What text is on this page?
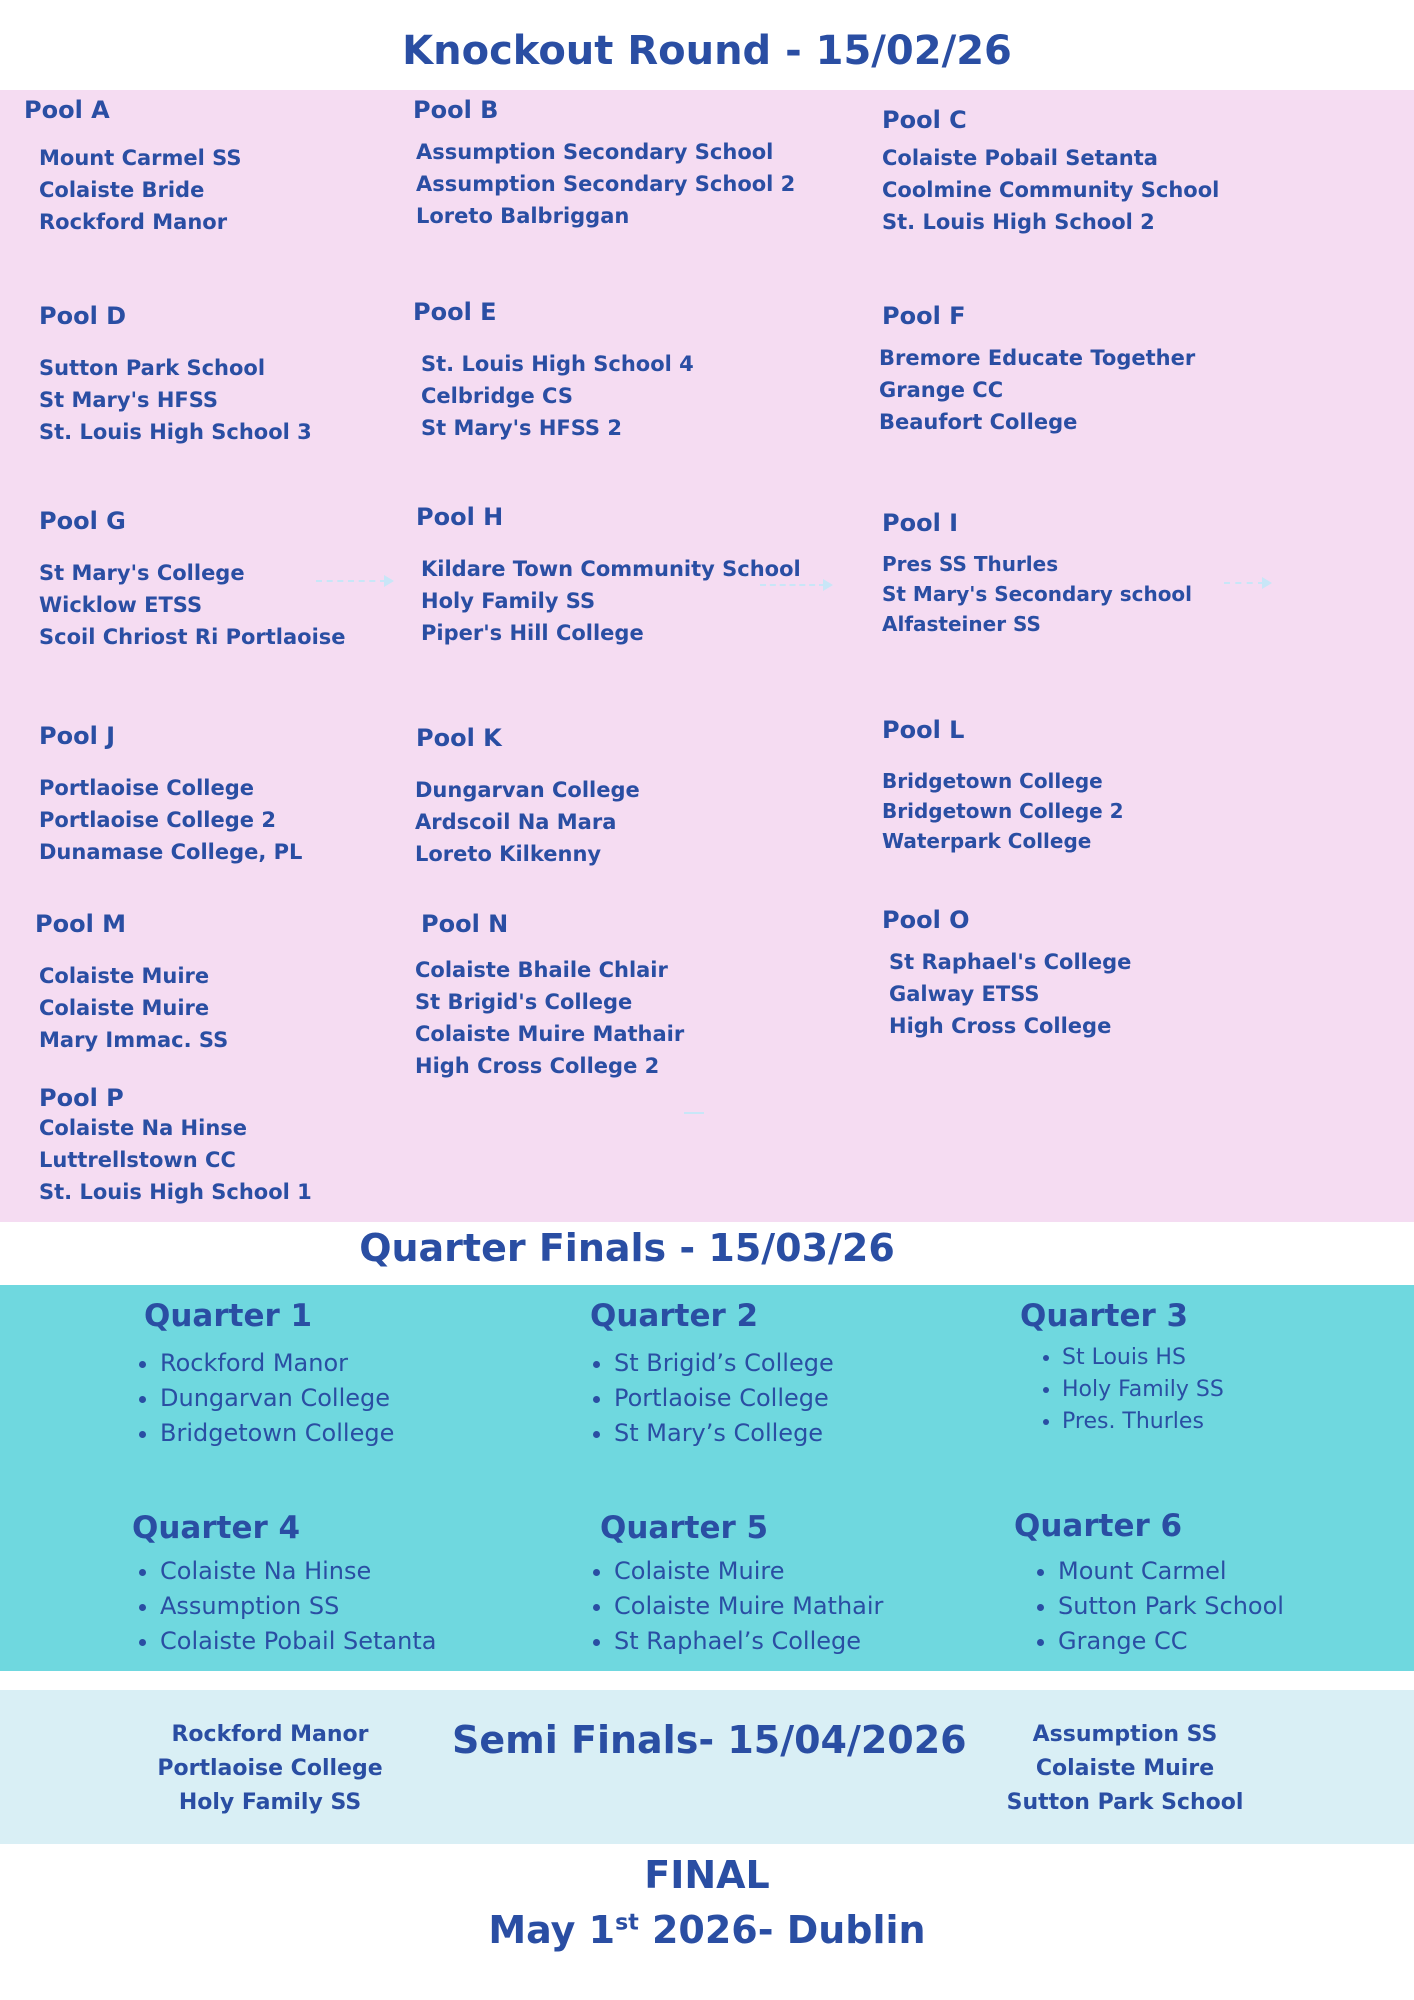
Knockout Round - 15/02/26
Pool A
Mount Carmel SS
Colaiste Bride
Rockford Manor
Pool B
Assumption Secondary School
Assumption Secondary School 2
Loreto Balbriggan
Pool C
Colaiste Pobail Setanta
Coolmine Community School
St. Louis High School 2
Pool D
Sutton Park School
St Mary's HFSS
St. Louis High School 3
Pool E
St. Louis High School 4
Celbridge CS
St Mary's HFSS 2
Pool F
Bremore Educate Together
Grange CC
Beaufort College
Pool G
St Mary's College
Wicklow ETSS
Scoil Chriost Ri Portlaoise
Pool H
Kildare Town Community School
Holy Family SS
Piper's Hill College
Pool I
Pres SS Thurles
St Mary's Secondary school
Alfasteiner SS
Pool J
Portlaoise College
Portlaoise College 2
Dunamase College, PL
Pool K
Dungarvan College
Ardscoil Na Mara
Loreto Kilkenny
Pool L
Bridgetown College
Bridgetown College 2
Waterpark College
Pool M
Colaiste Muire
Colaiste Muire
Mary Immac. SS
Pool N
Colaiste Bhaile Chlair
St Brigid's College
Colaiste Muire Mathair
High Cross College 2
Pool O
St Raphael's College
Galway ETSS
High Cross College
Pool P
Colaiste Na Hinse
Luttrellstown CC
St. Louis High School 1
Quarter Finals - 15/03/26
Quarter 1
• Rockford Manor
• Dungarvan College
• Bridgetown College
Quarter 2
• St Brigid’s College
• Portlaoise College
• St Mary’s College
Quarter 3
• St Louis HS
• Holy Family SS
• Pres. Thurles
Quarter 4
• Colaiste Na Hinse
• Assumption SS
• Colaiste Pobail Setanta
Quarter 5
• Colaiste Muire
• Colaiste Muire Mathair
• St Raphael’s College
Quarter 6
• Mount Carmel
• Sutton Park School
• Grange CC
Rockford Manor
Portlaoise College
Holy Family SS
Semi Finals- 15/04/2026	Assumption SS
Colaiste Muire
Sutton Park School
FINAL
May 1st 2026- Dublin
